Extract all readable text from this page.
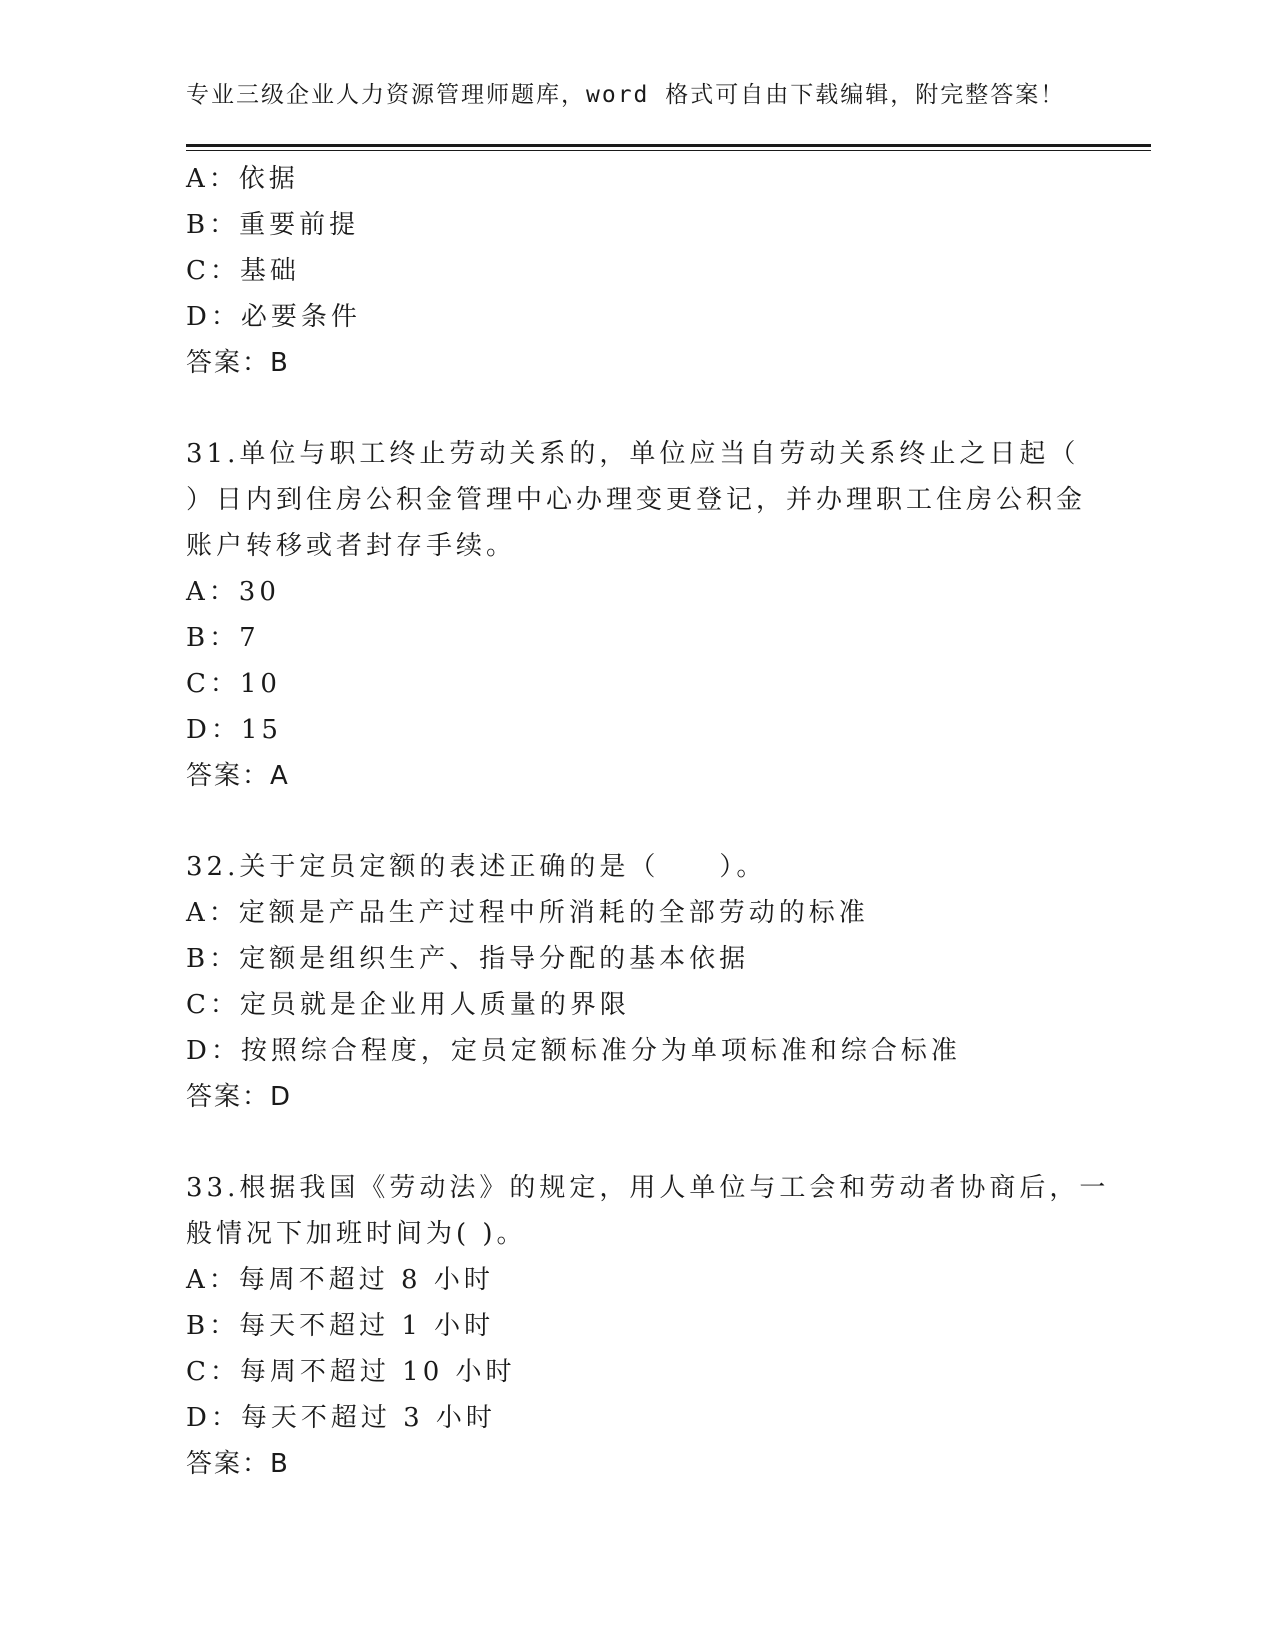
专业三级企业人力资源管理师题库，word 格式可自由下载编辑，附完整答案！
A：依据
B：重要前提
C：基础
D：必要条件
答案：B
31.单位与职工终止劳动关系的，单位应当自劳动关系终止之日起（
）日内到住房公积金管理中心办理变更登记，并办理职工住房公积金
账户转移或者封存手续。
A：30
B：7
C：10
D：15
答案：A
32.关于定员定额的表述正确的是（　　）。
A：定额是产品生产过程中所消耗的全部劳动的标准
B：定额是组织生产、指导分配的基本依据
C：定员就是企业用人质量的界限
D：按照综合程度，定员定额标准分为单项标准和综合标准
答案：D
33.根据我国《劳动法》的规定，用人单位与工会和劳动者协商后，一
般情况下加班时间为( )。
A：每周不超过 8 小时
B：每天不超过 1 小时
C：每周不超过 10 小时
D：每天不超过 3 小时
答案：B
